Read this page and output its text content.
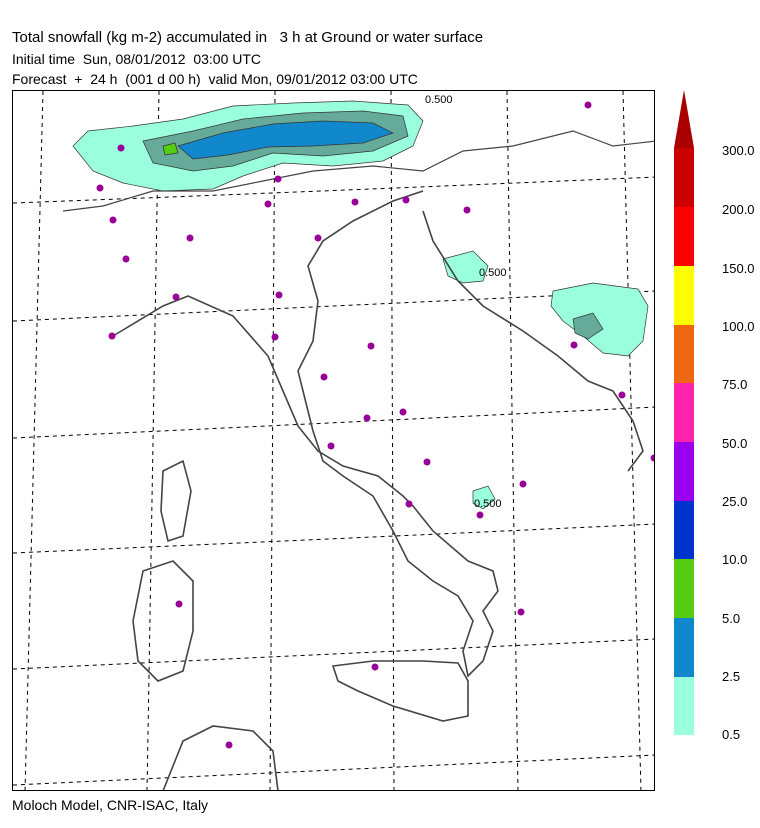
Total snowfall (kg m-2) accumulated in   3 h at Ground or water surface
Initial time  Sun, 08/01/2012  03:00 UTC
Forecast  +  24 h  (001 d 00 h)  valid Mon, 09/01/2012 03:00 UTC
0.500
0.500
0.500
300.0
200.0
150.0
100.0
75.0
50.0
25.0
10.0
5.0
2.5
0.5
Moloch Model, CNR-ISAC, Italy
